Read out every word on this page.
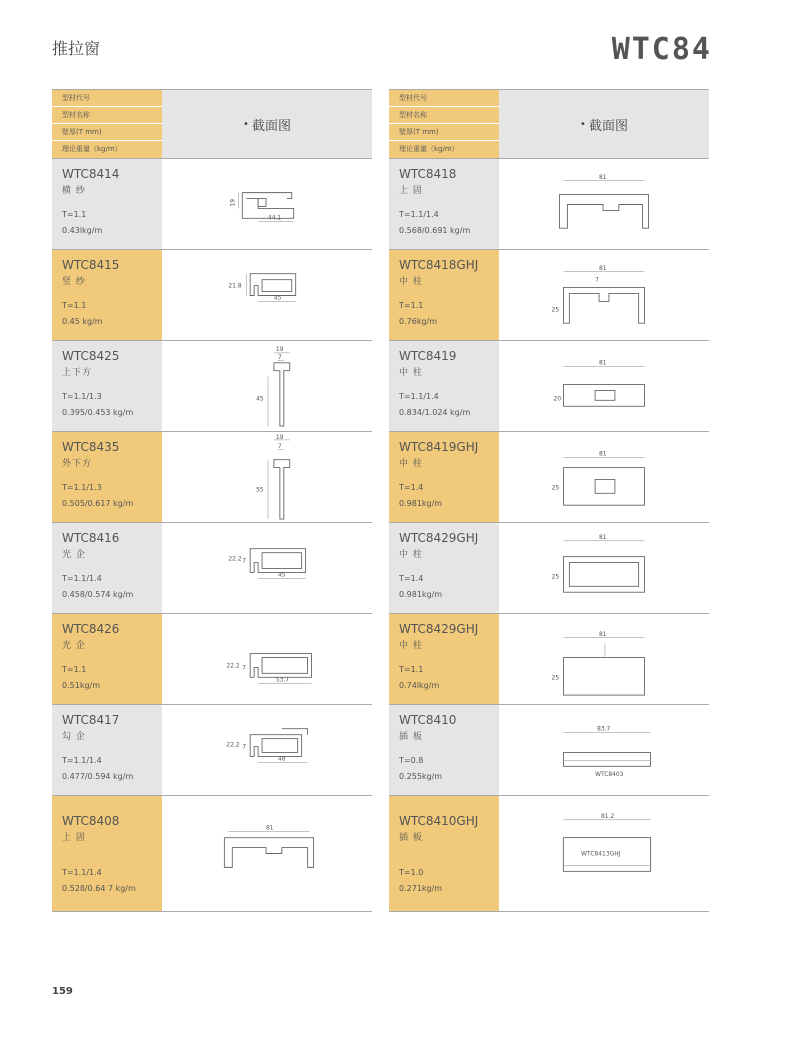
推拉窗	WTC84
型材代号
型材名称
壁厚(T mm)
理论重量（kg/m）
• 截面图
WTC8414
横 纱
T=1.1
0.43lkg/m
19
44.1
WTC8415
竖 纱
T=1.1
0.45 kg/m
21.8
45
WTC8425
上下方
T=1.1/1.3
0.395/0.453 kg/m
19
7
45
WTC8435
外下方
T=1.1/1.3
0.505/0.617 kg/m
19
7
55
WTC8416
光 企
T=1.1/1.4
0.458/0.574 kg/m
22.2 7
45
WTC8426
光 企
T=1.1
0.51kg/m
22.2 7
53.7
WTC8417
勾 企
T=1.1/1.4
0.477/0.594 kg/m
22.2 7
48
WTC8408
上 固
T=1.1/1.4
0.528/0.64 7 kg/m
81
型材代号
型材名称
壁厚(T mm)
理论重量（kg/m）
• 截面图
WTC8418
上 固
T=1.1/1.4
0.568/0.691 kg/m
81
WTC8418GHJ
中 柱
T=1.1
0.76kg/m
81
7
25
WTC8419
中 柱
T=1.1/1.4
0.834/1.024 kg/m
81
20
WTC8419GHJ
中 柱
T=1.4
0.981kg/m
81
25
WTC8429GHJ
中 柱
T=1.4
0.981kg/m
81
25
WTC8429GHJ
中 柱
T=1.1
0.74lkg/m
81
25
WTC8410
插 板
T=0.8
0.255kg/m
83.7
WTC8403
WTC8410GHJ
插 板
T=1.0
0.271kg/m
81.2
WTC8413GHJ
159
